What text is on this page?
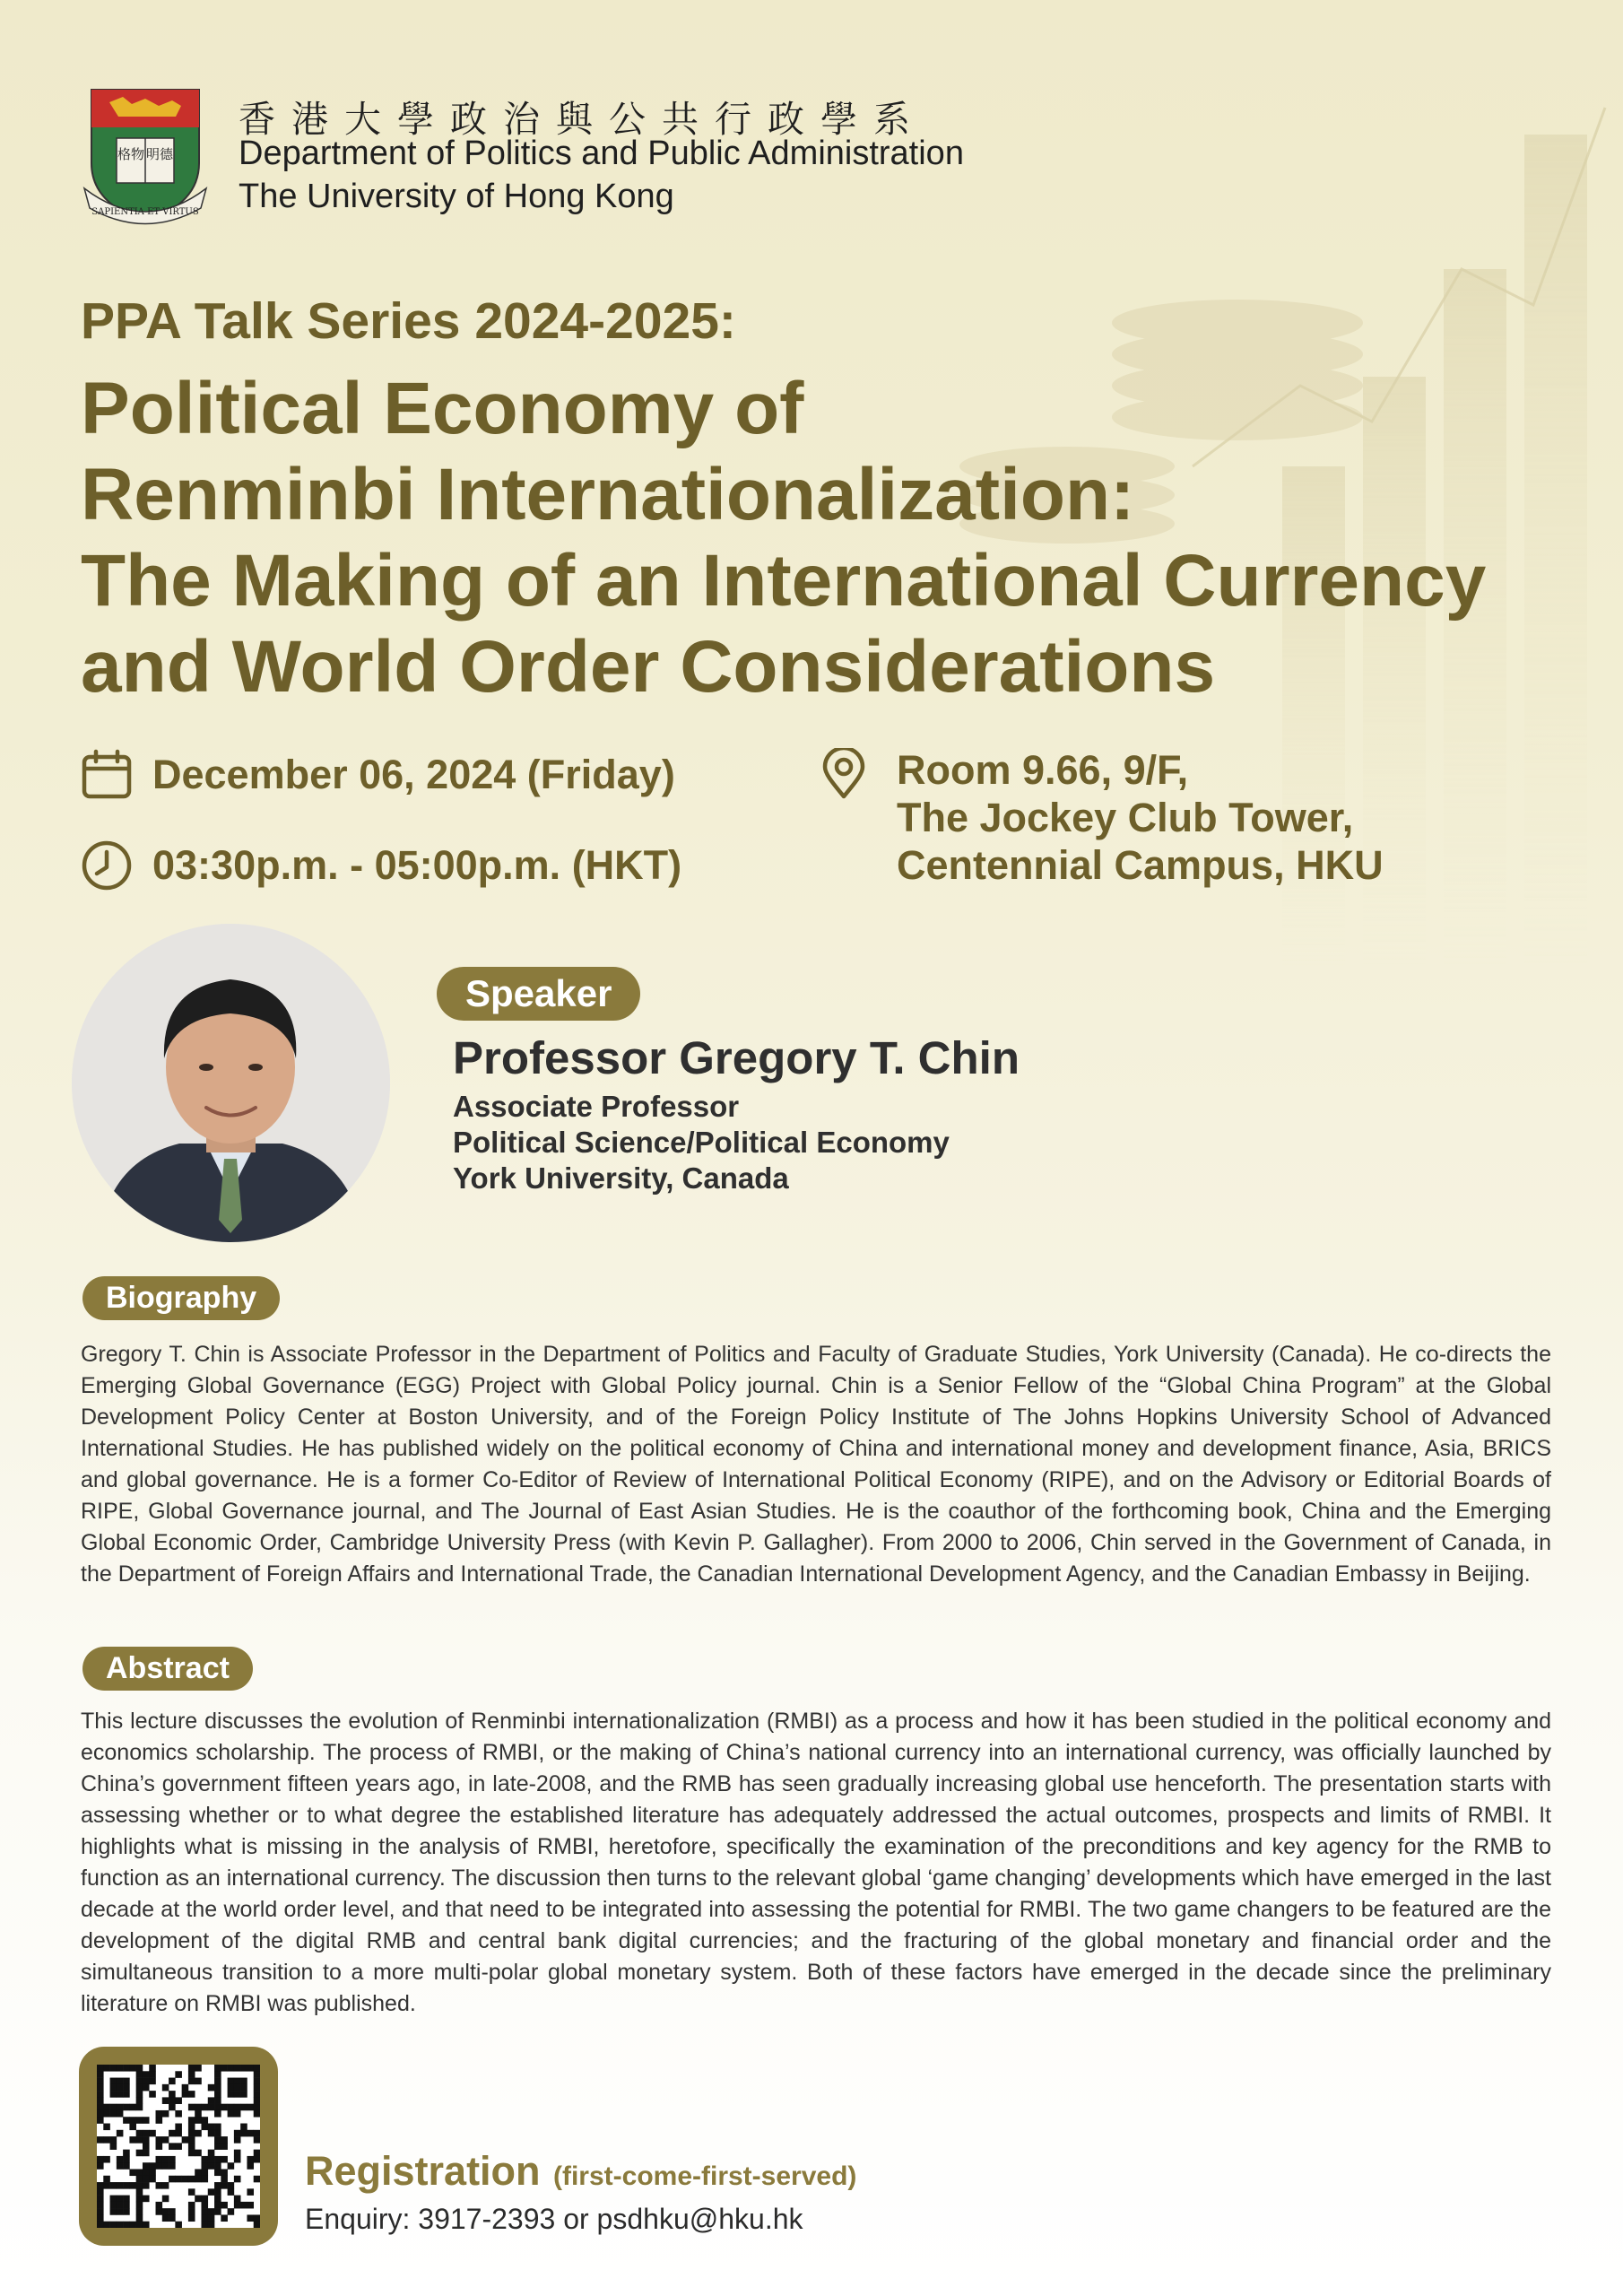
格物 明德
SAPIENTIA ET VIRTUS
香港大學政治與公共行政學系
Department of Politics and Public Administration
The University of Hong Kong
PPA Talk Series 2024-2025:
Political Economy of
Renminbi Internationalization:
The Making of an International Currency
and World Order Considerations
December 06, 2024 (Friday)
03:30p.m. - 05:00p.m. (HKT)
Room 9.66, 9/F,
The Jockey Club Tower,
Centennial Campus, HKU
Speaker
Professor Gregory T. Chin
Associate Professor
Political Science/Political Economy
York University, Canada
Biography
Gregory T. Chin is Associate Professor in the Department of Politics and Faculty of Graduate Studies, York University (Canada). He co-directs the Emerging Global Governance (EGG) Project with Global Policy journal. Chin is a Senior Fellow of the “Global China Program” at the Global Development Policy Center at Boston University, and of the Foreign Policy Institute of The Johns Hopkins University School of Advanced International Studies. He has published widely on the political economy of China and international money and development finance, Asia, BRICS and global governance. He is a former Co-Editor of Review of International Political Economy (RIPE), and on the Advisory or Editorial Boards of RIPE, Global Governance journal, and The Journal of East Asian Studies. He is the coauthor of the forthcoming book, China and the Emerging Global Economic Order, Cambridge University Press (with Kevin P. Gallagher). From 2000 to 2006, Chin served in the Government of Canada, in the Department of Foreign Affairs and International Trade, the Canadian International Development Agency, and the Canadian Embassy in Beijing.
Abstract
This lecture discusses the evolution of Renminbi internationalization (RMBI) as a process and how it has been studied in the political economy and economics scholarship. The process of RMBI, or the making of China’s national currency into an international currency, was officially launched by China’s government fifteen years ago, in late-2008, and the RMB has seen gradually increasing global use henceforth. The presentation starts with assessing whether or to what degree the established literature has adequately addressed the actual outcomes, prospects and limits of RMBI. It highlights what is missing in the analysis of RMBI, heretofore, specifically the examination of the preconditions and key agency for the RMB to function as an international currency. The discussion then turns to the relevant global ‘game changing’ developments which have emerged in the last decade at the world order level, and that need to be integrated into assessing the potential for RMBI. The two game changers to be featured are the development of the digital RMB and central bank digital currencies; and the fracturing of the global monetary and financial order and the simultaneous transition to a more multi-polar global monetary system. Both of these factors have emerged in the decade since the preliminary literature on RMBI was published.
Registration (first-come-first-served)
Enquiry: 3917-2393 or psdhku@hku.hk
